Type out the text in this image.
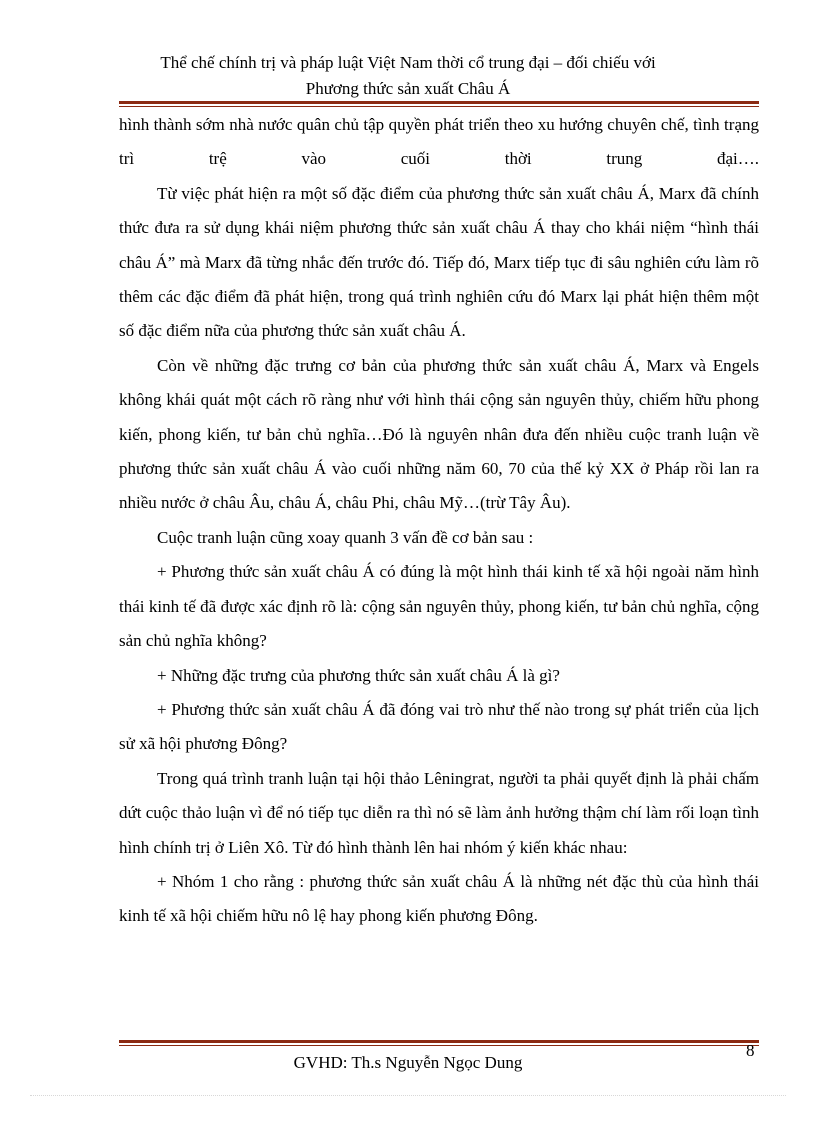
Thể chế chính trị và pháp luật Việt Nam thời cổ trung đại – đối chiếu với
Phương thức sản xuất Châu Á

hình thành sớm nhà nước quân chủ tập quyền phát triển theo xu hướng chuyên chế, tình trạng trì trệ vào cuối thời trung đại….

Từ việc phát hiện ra một số đặc điểm của phương thức sản xuất châu Á, Marx đã chính thức đưa ra sử dụng khái niệm phương thức sản xuất châu Á thay cho khái niệm “hình thái châu Á” mà Marx đã từng nhắc đến trước đó. Tiếp đó, Marx tiếp tục đi sâu nghiên cứu làm rõ thêm các đặc điểm đã phát hiện, trong quá trình nghiên cứu đó Marx lại phát hiện thêm một số đặc điểm nữa của phương thức sản xuất châu Á.

Còn về những đặc trưng cơ bản của phương thức sản xuất châu Á, Marx và Engels không khái quát một cách rõ ràng như với hình thái cộng sản nguyên thủy, chiếm hữu phong kiến, phong kiến, tư bản chủ nghĩa…Đó là nguyên nhân đưa đến nhiều cuộc tranh luận về phương thức sản xuất châu Á vào cuối những năm 60, 70 của thế kỷ XX ở Pháp rồi lan ra nhiều nước ở châu Âu, châu Á, châu Phi, châu Mỹ…(trừ Tây Âu).

Cuộc tranh luận cũng xoay quanh 3 vấn đề cơ bản sau :

+ Phương thức sản xuất châu Á có đúng là một hình thái kinh tế xã hội ngoài năm hình thái kinh tế đã được xác định rõ là: cộng sản nguyên thủy, phong kiến, tư bản chủ nghĩa, cộng sản chủ nghĩa không?

+ Những đặc trưng của phương thức sản xuất châu Á là gì?

+ Phương thức sản xuất châu Á đã đóng vai trò như thế nào trong sự phát triển của lịch sử xã hội phương Đông?

Trong quá trình tranh luận tại hội thảo Lêningrat, người ta phải quyết định là phải chấm dứt cuộc thảo luận vì để nó tiếp tục diễn ra thì nó sẽ làm ảnh hưởng thậm chí làm rối loạn tình hình chính trị ở Liên Xô. Từ đó hình thành lên hai nhóm ý kiến khác nhau:

+ Nhóm 1 cho rằng : phương thức sản xuất châu Á là những nét đặc thù của hình thái kinh tế xã hội chiếm hữu nô lệ hay phong kiến phương Đông.

8
GVHD: Th.s Nguyễn Ngọc Dung
